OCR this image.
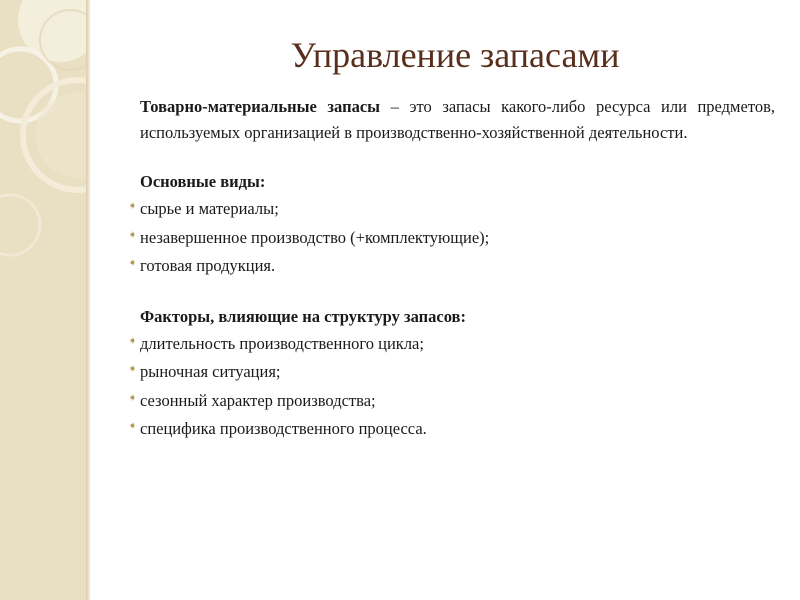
Управление запасами

Товарно-материальные запасы – это запасы какого-либо ресурса или предметов, используемых организацией в производственно-хозяйственной деятельности.

Основные виды:

➧ сырье и материалы;
➧ незавершенное производство (+комплектующие);
➧ готовая продукция.

Факторы, влияющие на структуру запасов:

➧ длительность производственного цикла;
➧ рыночная ситуация;
➧ сезонный характер производства;
➧ специфика производственного процесса.
